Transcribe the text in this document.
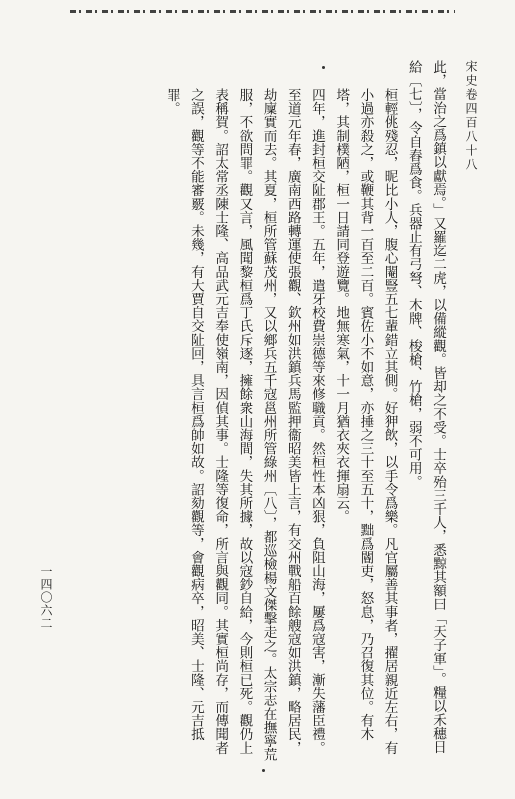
宋史卷四百八十八
一四〇六二	此，當治之爲鎮以獻焉。」又羅迄二虎，以備縱觀。皆却之不受。士卒殆三千人，悉黥其額曰「天子軍」。糧以禾穗日給〔七〕，令自舂爲食。兵器止有弓弩、木牌、梭槍、竹槍，弱不可用。

桓輕佻殘忍，昵比小人，腹心閹豎五七輩錯立其側。好狎飲，以手令爲樂。凡官屬善其事者，擢居親近左右，有小過亦殺之，或鞭其背一百至二百。賓佐小不如意，亦捶之三十至五十，黜爲閽吏，怒息，乃召復其位。有木塔，其制樸陋，桓一日請同登遊覽。地無寒氣，十一月猶衣夾衣揮扇云。

四年，進封桓交阯郡王。五年，遣牙校費崇德等來修職貢。然桓性本凶狠，負阻山海，屢爲寇害，漸失藩臣禮。至道元年春，廣南西路轉運使張觀、欽州如洪鎮兵馬監押衞昭美皆上言，有交州戰船百餘艘寇如洪鎮，略居民，劫廩實而去。其夏，桓所管蘇茂州，又以鄉兵五千寇邕州所管綠州〔八〕，都巡檢楊文傑擊走之。太宗志在撫寧荒服，不欲問罪。觀又言，風聞黎桓爲丁氏斥逐，擁餘衆山海間，失其所據，故以寇鈔自給，今則桓已死。觀仍上表稱賀。詔太常丞陳士隆、高品武元吉奉使嶺南，因偵其事。士隆等復命，所言與觀同。其實桓尚存，而傳聞者之誤，觀等不能審覈。未幾，有大賈自交阯回，具言桓爲帥如故。詔劾觀等，會觀病卒，昭美、士隆、元吉抵罪。
